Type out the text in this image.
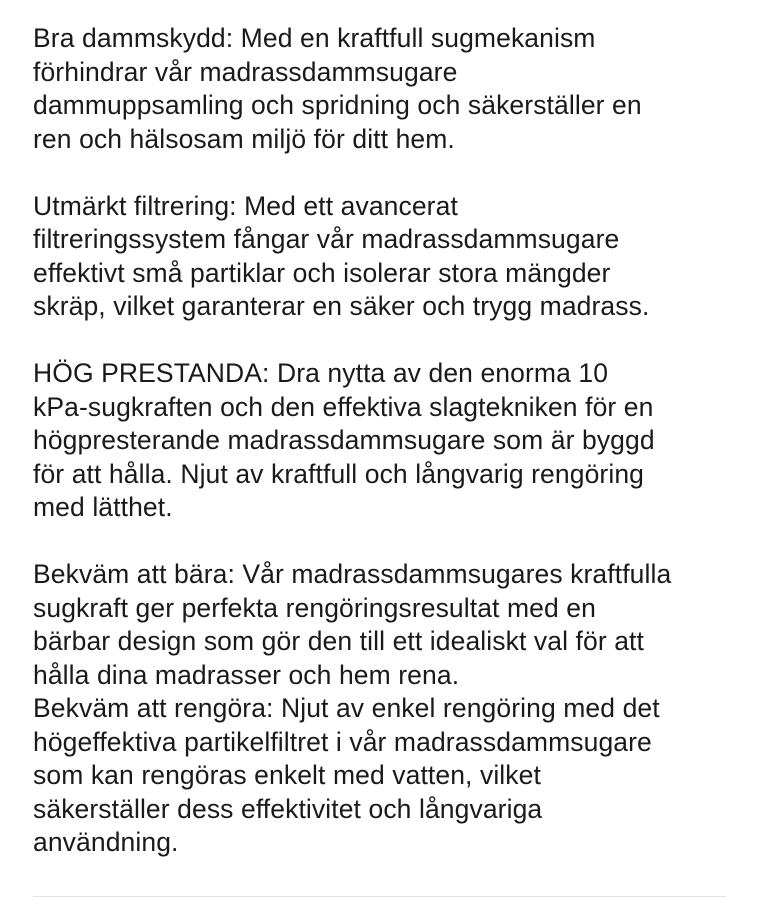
Bra dammskydd: Med en kraftfull sugmekanism
förhindrar vår madrassdammsugare
dammuppsamling och spridning och säkerställer en
ren och hälsosam miljö för ditt hem.
Utmärkt filtrering: Med ett avancerat
filtreringssystem fångar vår madrassdammsugare
effektivt små partiklar och isolerar stora mängder
skräp, vilket garanterar en säker och trygg madrass.
HÖG PRESTANDA: Dra nytta av den enorma 10
kPa-sugkraften och den effektiva slagtekniken för en
högpresterande madrassdammsugare som är byggd
för att hålla. Njut av kraftfull och långvarig rengöring
med lätthet.
Bekväm att bära: Vår madrassdammsugares kraftfulla
sugkraft ger perfekta rengöringsresultat med en
bärbar design som gör den till ett idealiskt val för att
hålla dina madrasser och hem rena.
Bekväm att rengöra: Njut av enkel rengöring med det
högeffektiva partikelfiltret i vår madrassdammsugare
som kan rengöras enkelt med vatten, vilket
säkerställer dess effektivitet och långvariga
användning.
